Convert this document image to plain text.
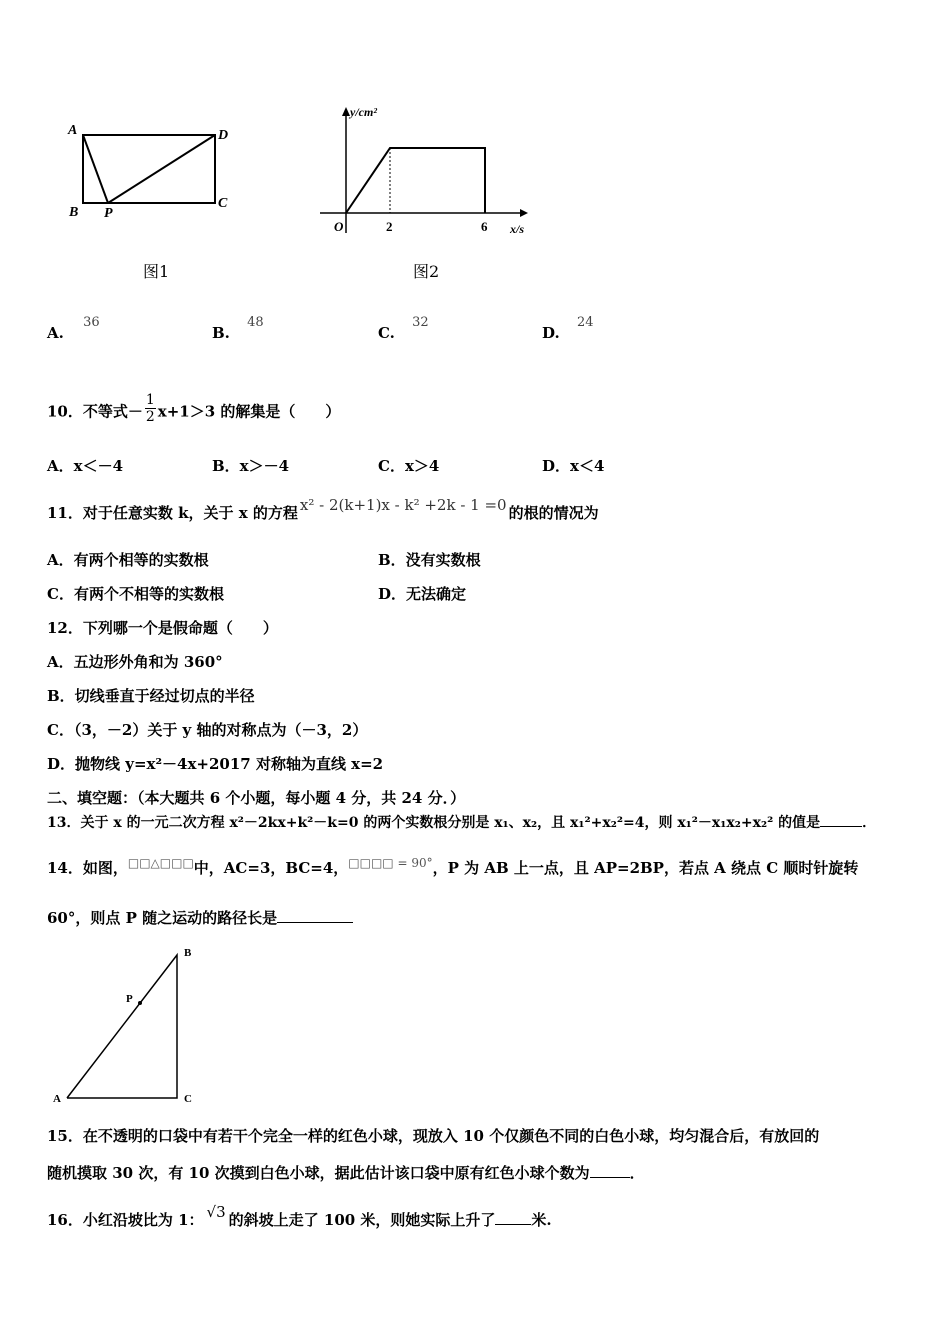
A
B P
C
D
图1
y/cm²
x/s
O	2	6
图2
A. 36
B. 48
C. 32
D. 24
10．不等式－ $\frac{1}{2} x+1>3$ 的解集是（　　）
A．x＜－4	B．x＞－4	C．x＞4	D．x＜4
11．对于任意实数 k，关于 x 的方程 x² - 2(k+1)x - k² +2k - 1 =0 的根的情况为
A．有两个相等的实数根	B．没有实数根
C．有两个不相等的实数根	D．无法确定
12．下列哪一个是假命题（　　）
A．五边形外角和为 360°
B．切线垂直于经过切点的半径
C．（3，－2）关于 y 轴的对称点为（－3，2）
D．抛物线 y=x²－4x+2017 对称轴为直线 x=2
二、填空题：（本大题共 6 个小题，每小题 4 分，共 24 分．）
13．关于 x 的一元二次方程 x²－2kx+k²－k=0 的两个实数根分别是 x₁、x₂，且 x₁²+x₂²=4，则 x₁²－x₁x₂+x₂² 的值是	．
14．如图，□□△□□□中，AC=3，BC=4，$^{□□□□ = 90^\circ}$，P 为 AB 上一点，且 AP=2BP，若点 A 绕点 C 顺时针旋转
60°，则点 P 随之运动的路径长是
A
B
C
P
15．在不透明的口袋中有若干个完全一样的红色小球，现放入 10 个仅颜色不同的白色小球，均匀混合后，有放回的
随机摸取 30 次，有 10 次摸到白色小球，据此估计该口袋中原有红色小球个数为	．
16．小红沿坡比为 1： √3 的斜坡上走了 100 米，则她实际上升了 米.
